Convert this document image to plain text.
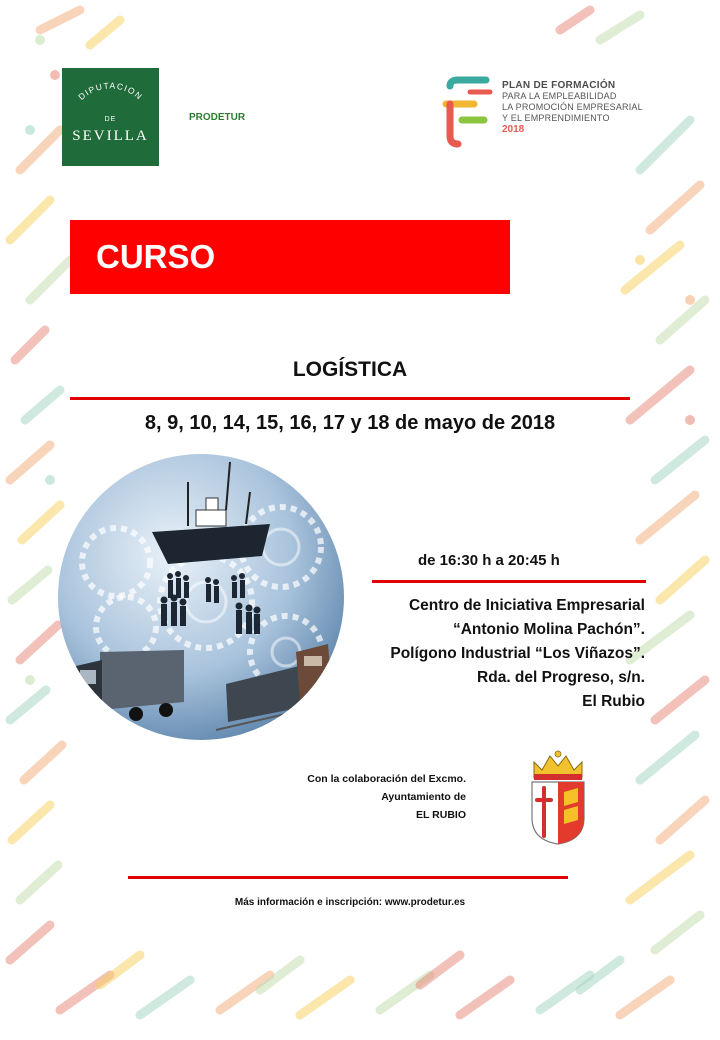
DIPUTACION
DE
SEVILLA
PRODETUR
PLAN DE FORMACIÓN
PARA LA EMPLEABILIDAD
LA PROMOCIÓN EMPRESARIAL
Y EL EMPRENDIMIENTO
2018
CURSO
LOGÍSTICA
8, 9, 10, 14, 15, 16, 17 y 18 de mayo de 2018
de 16:30 h a 20:45 h
Centro de Iniciativa Empresarial
“Antonio Molina Pachón”.
Polígono Industrial “Los Viñazos”.
Rda. del Progreso, s/n.
El Rubio
Con la colaboración del Excmo.
Ayuntamiento de
EL RUBIO
Más información e inscripción: www.prodetur.es
